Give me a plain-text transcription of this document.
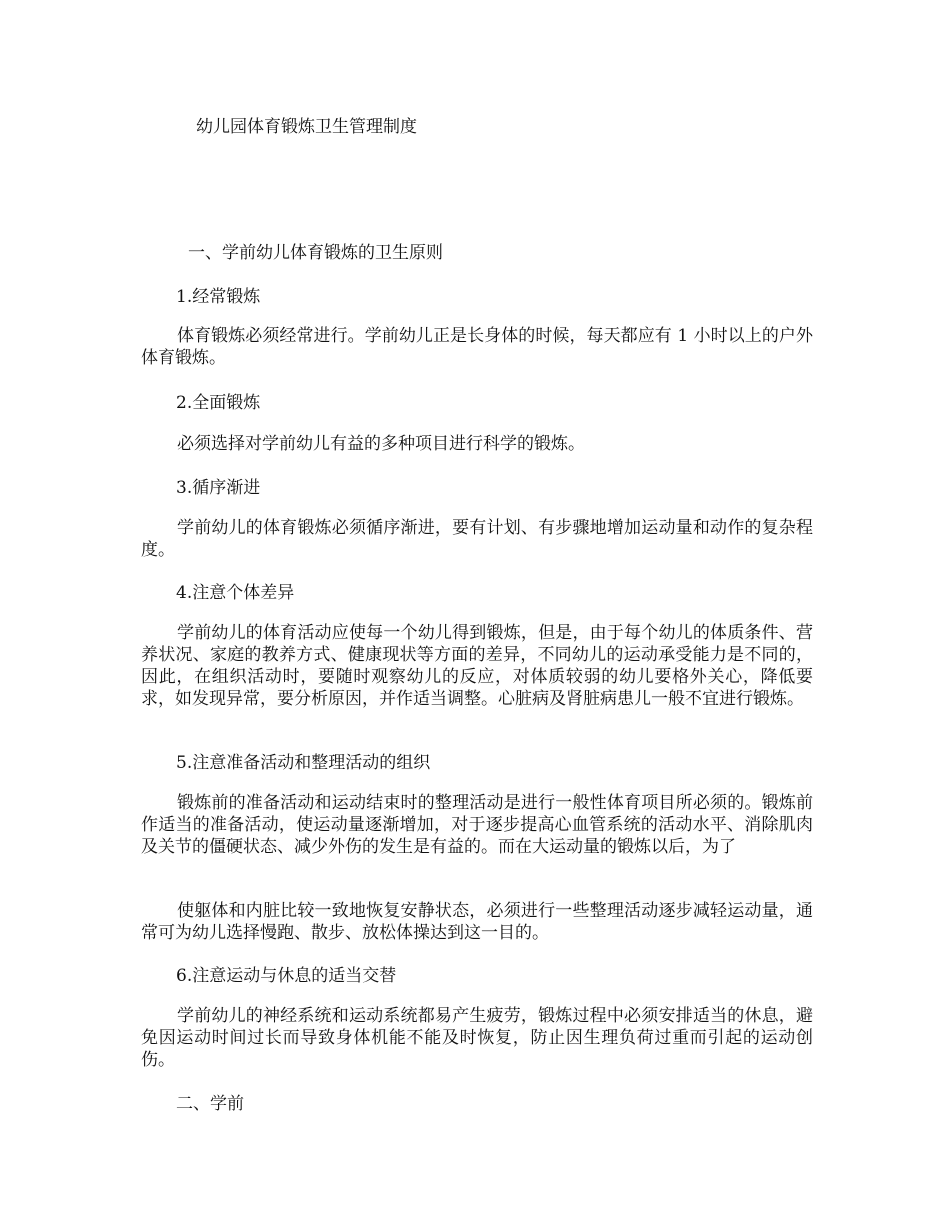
幼儿园体育锻炼卫生管理制度
一、学前幼儿体育锻炼的卫生原则
1.经常锻炼

体育锻炼必须经常进行。学前幼儿正是长身体的时候，每天都应有 1 小时以上的户外体育锻炼。

2.全面锻炼

必须选择对学前幼儿有益的多种项目进行科学的锻炼。

3.循序渐进

学前幼儿的体育锻炼必须循序渐进，要有计划、有步骤地增加运动量和动作的复杂程度。

4.注意个体差异

学前幼儿的体育活动应使每一个幼儿得到锻炼，但是，由于每个幼儿的体质条件、营养状况、家庭的教养方式、健康现状等方面的差异，不同幼儿的运动承受能力是不同的，因此，在组织活动时，要随时观察幼儿的反应，对体质较弱的幼儿要格外关心，降低要求，如发现异常，要分析原因，并作适当调整。心脏病及肾脏病患儿一般不宜进行锻炼。

5.注意准备活动和整理活动的组织

锻炼前的准备活动和运动结束时的整理活动是进行一般性体育项目所必须的。锻炼前作适当的准备活动，使运动量逐渐增加，对于逐步提高心血管系统的活动水平、消除肌肉及关节的僵硬状态、减少外伤的发生是有益的。而在大运动量的锻炼以后，为了

使躯体和内脏比较一致地恢复安静状态，必须进行一些整理活动逐步减轻运动量，通常可为幼儿选择慢跑、散步、放松体操达到这一目的。

6.注意运动与休息的适当交替

学前幼儿的神经系统和运动系统都易产生疲劳，锻炼过程中必须安排适当的休息，避免因运动时间过长而导致身体机能不能及时恢复，防止因生理负荷过重而引起的运动创伤。

二、学前
